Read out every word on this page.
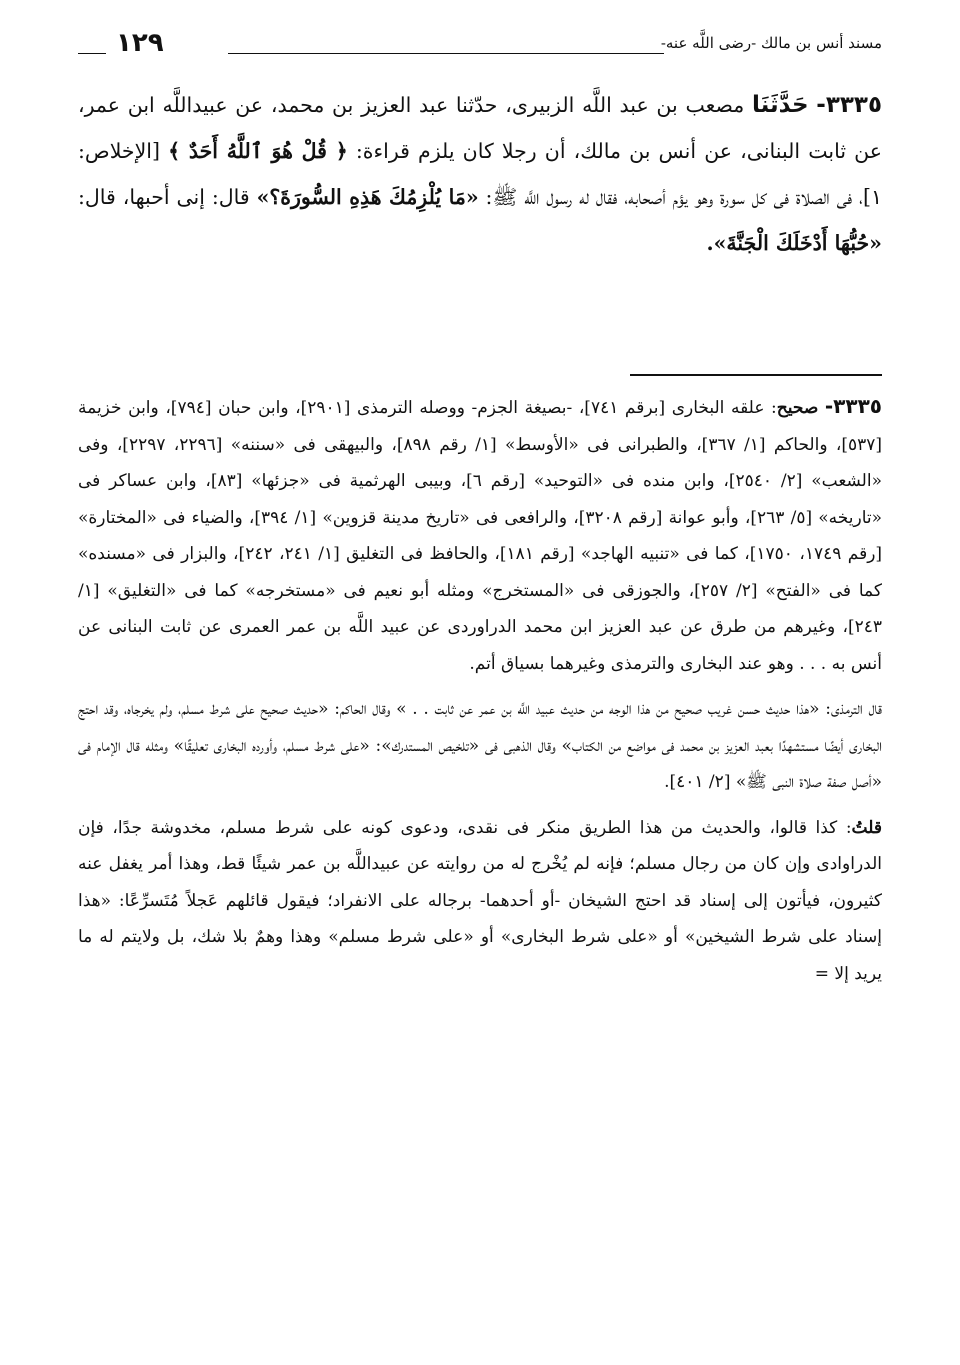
مسند أنس بن مالك -رضى اللَّه عنه-
١٢٩

٣٣٣٥- حَدَّثَنَا مصعب بن عبد اللَّه الزبيرى، حدّثنا عبد العزيز بن محمد، عن عبيداللَّه ابن عمر، عن ثابت البنانى، عن أنس بن مالك، أن رجلا كان يلزم قراءة: ﴿ قُلْ هُوَ ٱللَّهُ أَحَدٌ ﴾ [الإخلاص: ١]، فى الصلاة فى كل سورة وهو يؤم أصحابه، فقال له رسول اللَّه ﷺ: «مَا يُلْزِمُكَ هَذِهِ السُّورَةَ؟» قال: إنى أحبها، قال: «حُبُّهَا أَدْخَلَكَ الْجَنَّةَ».

٣٣٣٥- صحيح: علقه البخارى [برقم ٧٤١]، -بصيغة الجزم- ووصله الترمذى [٢٩٠١]، وابن حبان [٧٩٤]، وابن خزيمة [٥٣٧]، والحاكم [١/ ٣٦٧]، والطبرانى فى «الأوسط» [١/ رقم ٨٩٨]، والبيهقى فى «سننه» [٢٢٩٦، ٢٢٩٧]، وفى «الشعب» [٢/ ٢٥٤٠]، وابن منده فى «التوحيد» [رقم ٦]، وبيبى الهرثمية فى «جزئها» [٨٣]، وابن عساكر فى «تاريخه» [٥/ ٢٦٣]، وأبو عوانة [رقم ٣٢٠٨]، والرافعى فى «تاريخ مدينة قزوين» [١/ ٣٩٤]، والضياء فى «المختارة» [رقم ١٧٤٩، ١٧٥٠]، كما فى «تنبيه الهاجد» [رقم ١٨١]، والحافظ فى التغليق [١/ ٢٤١، ٢٤٢]، والبزار فى «مسنده» كما فى «الفتح» [٢/ ٢٥٧]، والجوزقى فى «المستخرج» ومثله أبو نعيم فى «مستخرجه» كما فى «التغليق» [١/ ٢٤٣]، وغيرهم من طرق عن عبد العزيز ابن محمد الدراوردى عن عبيد اللَّه بن عمر العمرى عن ثابت البنانى عن أنس به . . . وهو عند البخارى والترمذى وغيرهما بسياق أتم.

قال الترمذى: «هذا حديث حسن غريب صحيح من هذا الوجه من حديث عبيد اللَّه بن عمر عن ثابت . . » وقال الحاكم: «حديث صحيح على شرط مسلم، ولم يخرجاه، وقد احتج البخارى أيضًا مستشهدًا بعبد العزيز بن محمد فى مواضع من الكتاب» وقال الذهبى فى «تلخيص المستدرك»: «على شرط مسلم، وأورده البخارى تعليقًا» ومثله قال الإمام فى «أصل صفة صلاة النبى ﷺ» [٢/ ٤٠١].

قلتُ: كذا قالوا، والحديث من هذا الطريق منكر فى نقدى، ودعوى كونه على شرط مسلم، مخدوشة جدًا، فإن الدراوادى وإن كان من رجال مسلم؛ فإنه لم يُخْرج له من روايته عن عبيداللَّه بن عمر شيئًا قط، وهذا أمر يغفل عنه كثيرون، فيأتون إلى إسناد قد احتج الشيخان -أو أحدهما- برجاله على الانفراد؛ فيقول قائلهم عَجلاً مُتَسرِّعًا: «هذا إسناد على شرط الشيخين» أو «على شرط البخارى» أو «على شرط مسلم» وهذا وهمٌ بلا شك، بل ولايتم له ما يريد إلا =
